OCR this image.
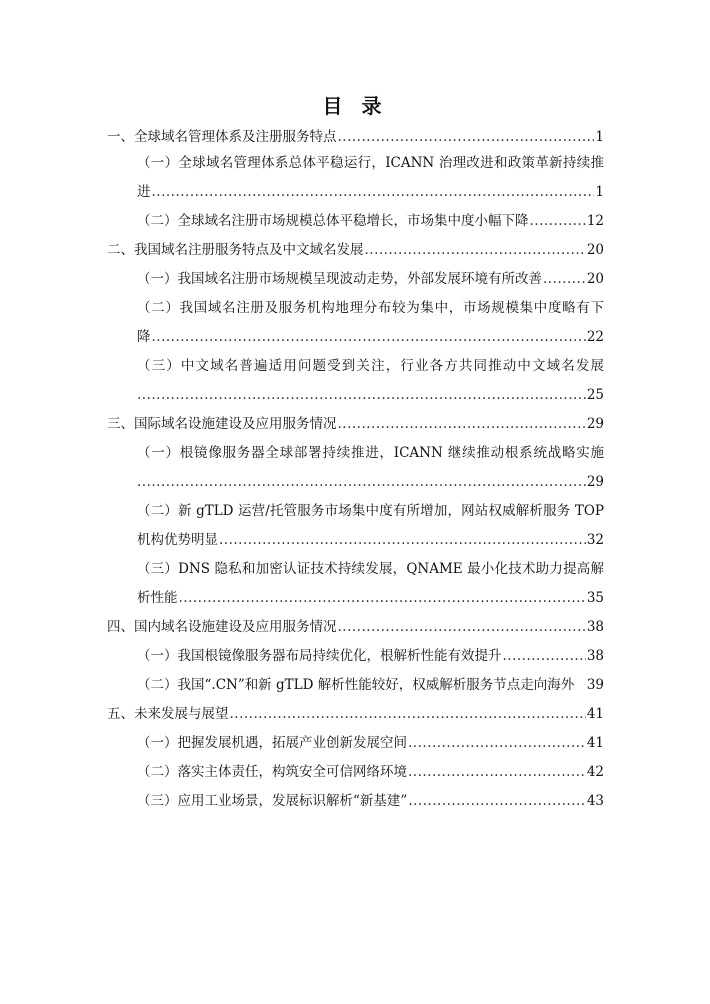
目 录
1
一、全球域名管理体系及注册服务特点
.....
（一）全球域名管理体系总体平稳运行，ICANN 治理改进和政策革新持续推
1
进
.....
12
（二）全球域名注册市场规模总体平稳增长，市场集中度小幅下降
.....
20
二、我国域名注册服务特点及中文域名发展
.....
20
（一）我国域名注册市场规模呈现波动走势，外部发展环境有所改善
.....
（二）我国域名注册及服务机构地理分布较为集中，市场规模集中度略有下
22
降
.....
（三）中文域名普遍适用问题受到关注，行业各方共同推动中文域名发展
25
.....
29
三、国际域名设施建设及应用服务情况
.....
（一）根镜像服务器全球部署持续推进，ICANN 继续推动根系统战略实施
29
.....
（二）新 gTLD 运营/托管服务市场集中度有所增加，网站权威解析服务 TOP
32
机构优势明显
.....
（三）DNS 隐私和加密认证技术持续发展，QNAME 最小化技术助力提高解
35
析性能
.....
38
四、国内域名设施建设及应用服务情况
.....
38
（一）我国根镜像服务器布局持续优化，根解析性能有效提升
.....
39
（二）我国“.CN”和新 gTLD 解析性能较好，权威解析服务节点走向海外
41
五、未来发展与展望
.....
41
（一）把握发展机遇，拓展产业创新发展空间
.....
42
（二）落实主体责任，构筑安全可信网络环境
.....
43
（三）应用工业场景，发展标识解析“新基建”
.....
